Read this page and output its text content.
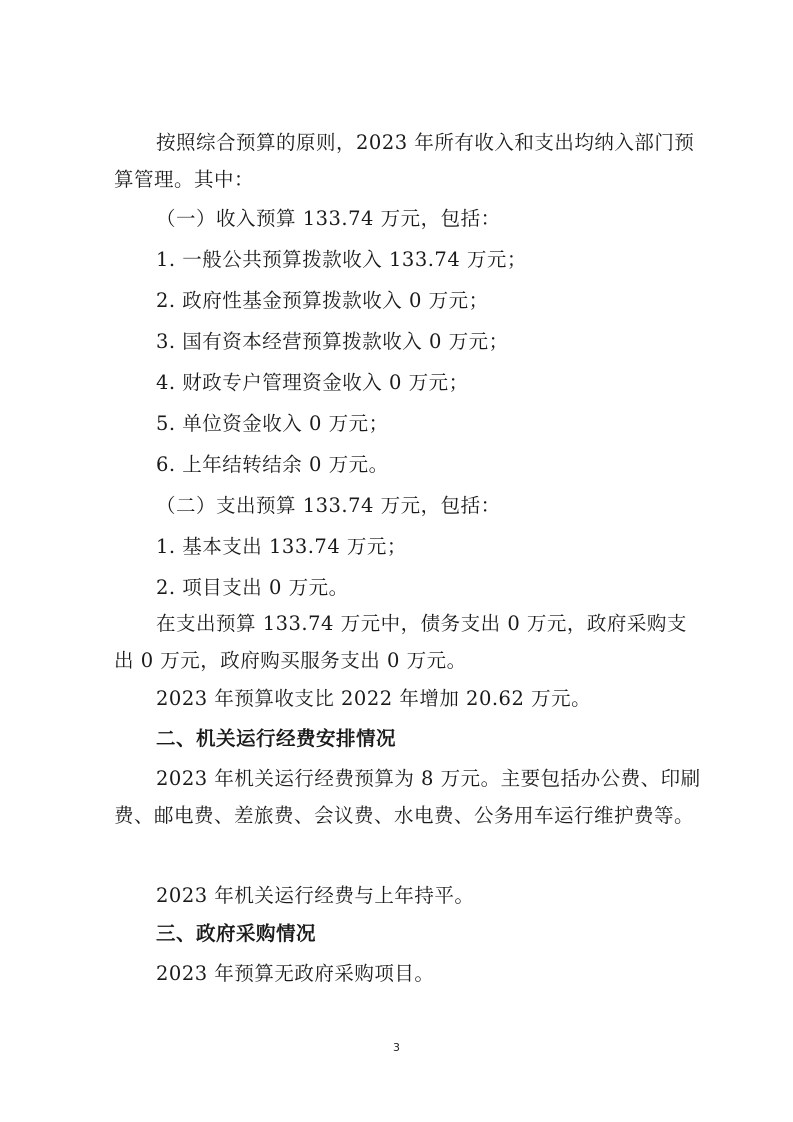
按照综合预算的原则，2023 年所有收入和支出均纳入部门预算管理。其中：
（一）收入预算 133.74 万元，包括：
1. 一般公共预算拨款收入 133.74 万元；
2. 政府性基金预算拨款收入 0 万元；
3. 国有资本经营预算拨款收入 0 万元；
4. 财政专户管理资金收入 0 万元；
5. 单位资金收入 0 万元；
6. 上年结转结余 0 万元。
（二）支出预算 133.74 万元，包括：
1. 基本支出 133.74 万元；
2. 项目支出 0 万元。
在支出预算 133.74 万元中，债务支出 0 万元，政府采购支出 0 万元，政府购买服务支出 0 万元。
2023 年预算收支比 2022 年增加 20.62 万元。
二、机关运行经费安排情况
2023 年机关运行经费预算为 8 万元。主要包括办公费、印刷费、邮电费、差旅费、会议费、水电费、公务用车运行维护费等。
2023 年机关运行经费与上年持平。
三、政府采购情况
2023 年预算无政府采购项目。
3
